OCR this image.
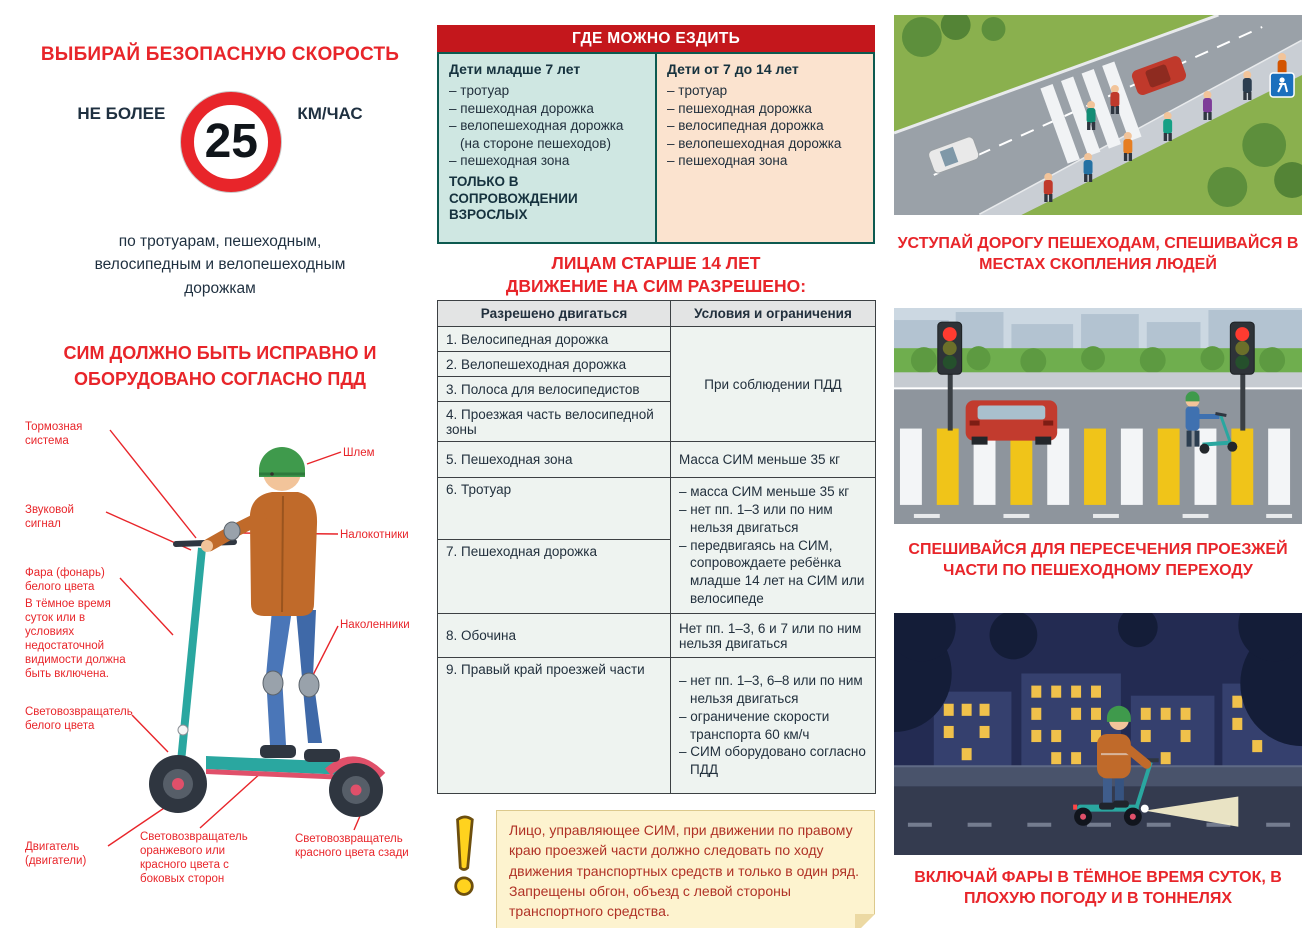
ВЫБИРАЙ БЕЗОПАСНУЮ СКОРОСТЬ
НЕ БОЛЕЕ
25
КМ/ЧАС

по тротуарам, пешеходным, велосипедным и велопешеходным дорожкам

СИМ ДОЛЖНО БЫТЬ ИСПРАВНО И ОБОРУДОВАНО СОГЛАСНО ПДД
Тормозная система
Звуковой сигнал
Фара (фонарь) белого цвета
В тёмное время суток или в условиях недостаточной видимости должна быть включена.
Световозвращатель белого цвета
Двигатель (двигатели)
Световозвращатель оранжевого или красного цвета с боковых сторон
Световозвращатель красного цвета сзади
Шлем
Налокотники
Наколенники
ГДЕ МОЖНО ЕЗДИТЬ
Дети младше 7 лет
– тротуар
– пешеходная дорожка
– велопешеходная дорожка (на стороне пешеходов)
– пешеходная зона
ТОЛЬКО В СОПРОВОЖДЕНИИ ВЗРОСЛЫХ
Дети от 7 до 14 лет
– тротуар
– пешеходная дорожка
– велосипедная дорожка
– велопешеходная дорожка
– пешеходная зона
ЛИЦАМ СТАРШЕ 14 ЛЕТ
ДВИЖЕНИЕ НА СИМ РАЗРЕШЕНО:
Разрешено двигаться	Условия и ограничения
1. Велосипедная дорожка	При соблюдении ПДД
2. Велопешеходная дорожка	
3. Полоса для велосипедистов	
4. Проезжая часть велосипедной зоны	
5. Пешеходная зона	Масса СИМ меньше 35 кг
6. Тротуар	– масса СИМ меньше 35 кг
– нет пп. 1–3 или по ним нельзя двигаться
– передвигаясь на СИМ, сопровождаете ребёнка младше 14 лет на СИМ или велосипеде

7. Пешеходная дорожка	
8. Обочина	Нет пп. 1–3, 6 и 7 или по ним нельзя двигаться
9. Правый край проезжей части	– нет пп. 1–3, 6–8 или по ним нельзя двигаться
– ограничение скорости транспорта 60 км/ч
– СИМ оборудовано согласно ПДД

Лицо, управляющее СИМ, при движении по правому краю проезжей части должно следовать по ходу движения транспортных средств и только в один ряд. Запрещены обгон, объезд с левой стороны транспортного средства.

УСТУПАЙ ДОРОГУ ПЕШЕХОДАМ, СПЕШИВАЙСЯ В МЕСТАХ СКОПЛЕНИЯ ЛЮДЕЙ
СПЕШИВАЙСЯ ДЛЯ ПЕРЕСЕЧЕНИЯ ПРОЕЗЖЕЙ ЧАСТИ ПО ПЕШЕХОДНОМУ ПЕРЕХОДУ
ВКЛЮЧАЙ ФАРЫ В ТЁМНОЕ ВРЕМЯ СУТОК, В ПЛОХУЮ ПОГОДУ И В ТОННЕЛЯХ
